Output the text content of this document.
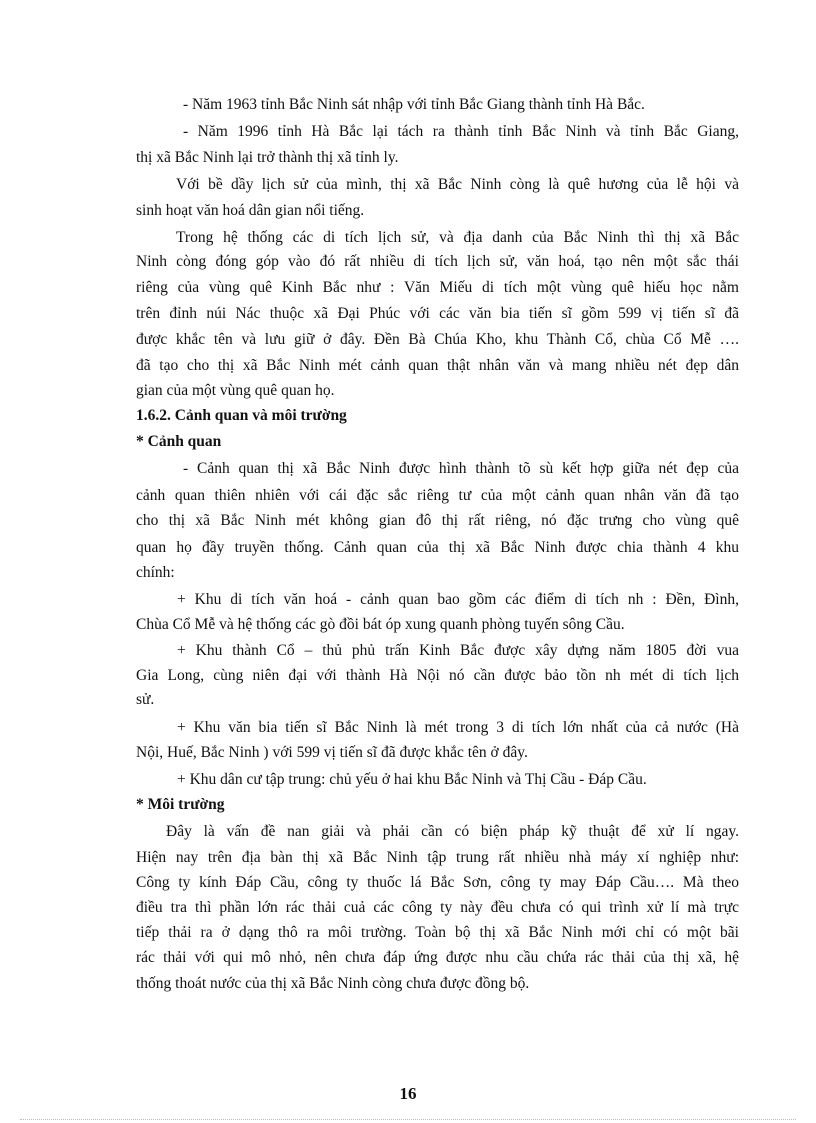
- Năm 1963 tỉnh Bắc Ninh sát nhập với tỉnh Bắc Giang thành tỉnh Hà Bắc.
- Năm 1996 tỉnh Hà Bắc lại tách ra thành tỉnh Bắc Ninh và tỉnh Bắc Giang,
thị xã Bắc Ninh lại trở thành thị xã tỉnh ly.
Với bề dầy lịch sử của mình, thị xã Bắc Ninh còng là quê hương của lễ hội và
sinh hoạt văn hoá dân gian nổi tiếng.
Trong hệ thống các di tích lịch sử, và địa danh của Bắc Ninh thì thị xã Bắc
Ninh còng đóng góp vào đó rất nhiều di tích lịch sử, văn hoá, tạo nên một sắc thái
riêng của vùng quê Kinh Bắc như : Văn Miếu di tích một vùng quê hiếu học nằm
trên đỉnh núi Nác thuộc xã Đại Phúc với các văn bia tiến sĩ gồm 599 vị tiến sĩ đã
được khắc tên và lưu giữ ở đây. Đền Bà Chúa Kho, khu Thành Cổ, chùa Cổ Mễ ….
đã tạo cho thị xã Bắc Ninh mét cảnh quan thật nhân văn và mang nhiều nét đẹp dân
gian của một vùng quê quan họ.
1.6.2. Cảnh quan và môi trường
* Cảnh quan
- Cảnh quan thị xã Bắc Ninh được hình thành tõ sù kết hợp giữa nét đẹp của
cảnh quan thiên nhiên với cái đặc sắc riêng tư của một cảnh quan nhân văn đã tạo
cho thị xã Bắc Ninh mét không gian đô thị rất riêng, nó đặc trưng cho vùng quê
quan họ đầy truyền thống. Cảnh quan của thị xã Bắc Ninh được chia thành 4 khu
chính:
+ Khu di tích văn hoá - cảnh quan bao gồm các điểm di tích nh : Đền, Đình,
Chùa Cổ Mễ và hệ thống các gò đồi bát óp xung quanh phòng tuyến sông Cầu.
+ Khu thành Cổ – thủ phủ trấn Kinh Bắc được xây dựng năm 1805 đời vua
Gia Long, cùng niên đại với thành Hà Nội nó cần được bảo tồn nh mét di tích lịch
sử.
+ Khu văn bia tiến sĩ Bắc Ninh là mét trong 3 di tích lớn nhất của cả nước (Hà
Nội, Huế, Bắc Ninh ) với 599 vị tiến sĩ đã được khắc tên ở đây.
+ Khu dân cư tập trung: chủ yếu ở hai khu Bắc Ninh và Thị Cầu - Đáp Cầu.
* Môi trường
Đây là vấn đề nan giải và phải cần có biện pháp kỹ thuật để xử lí ngay.
Hiện nay trên địa bàn thị xã Bắc Ninh tập trung rất nhiều nhà máy xí nghiệp như:
Công ty kính Đáp Cầu, công ty thuốc lá Bắc Sơn, công ty may Đáp Cầu…. Mà theo
điều tra thì phần lớn rác thải cuả các công ty này đều chưa có qui trình xử lí mà trực
tiếp thải ra ở dạng thô ra môi trường. Toàn bộ thị xã Bắc Ninh mới chỉ có một bãi
rác thải với qui mô nhỏ, nên chưa đáp ứng được nhu cầu chứa rác thải của thị xã, hệ
thống thoát nước của thị xã Bắc Ninh còng chưa được đồng bộ.
16
